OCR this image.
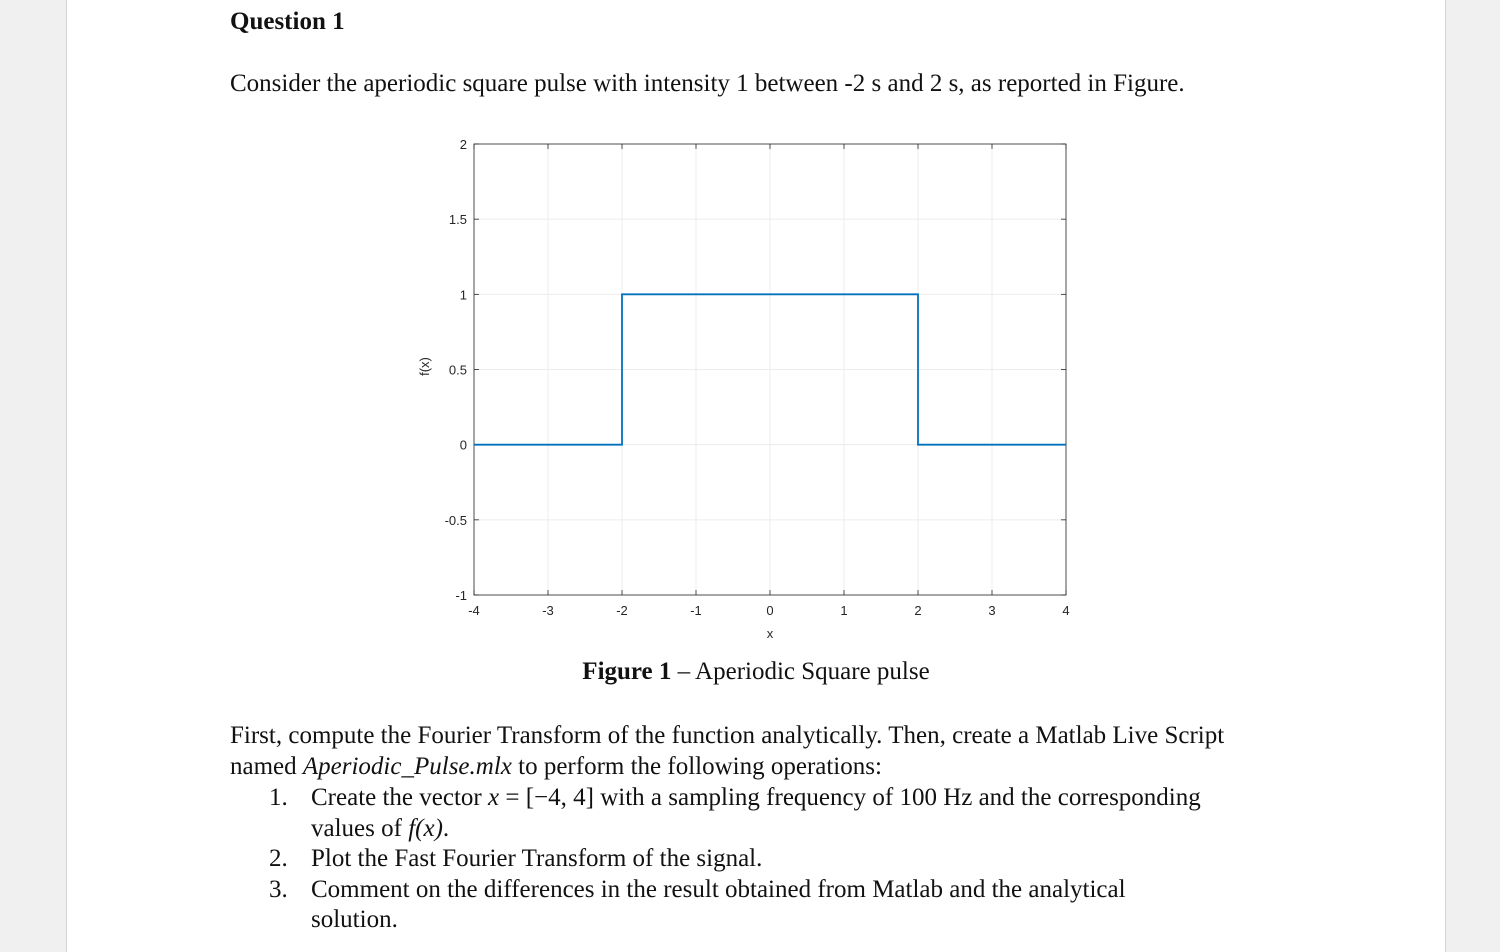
Question 1
Consider the aperiodic square pulse with intensity 1 between -2 s and 2 s, as reported in Figure.
-4	-3	-2	-1	0	1	2	3	4
-1
-0.5
0
0.5
1
1.5
2
x
f(x)
Figure 1 – Aperiodic Square pulse
First, compute the Fourier Transform of the function analytically. Then, create a Matlab Live Script named Aperiodic_Pulse.mlx to perform the following operations:
1. Create the vector x = [−4, 4] with a sampling frequency of 100 Hz and the corresponding values of f(x).
2. Plot the Fast Fourier Transform of the signal.
3. Comment on the differences in the result obtained from Matlab and the analytical solution.
